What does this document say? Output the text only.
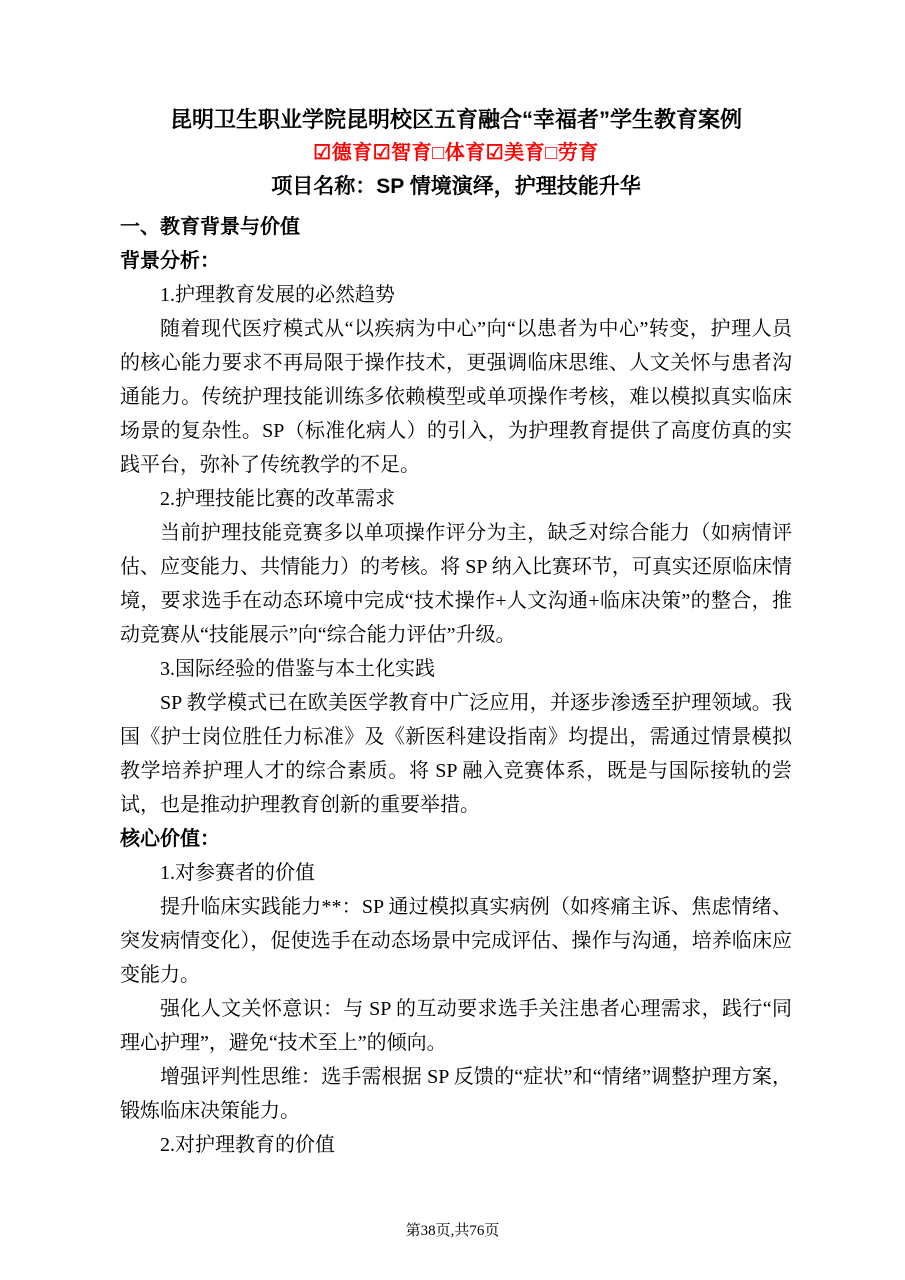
昆明卫生职业学院昆明校区五育融合“幸福者”学生教育案例
☑德育☑智育□体育☑美育□劳育
项目名称：SP 情境演绎，护理技能升华

一、教育背景与价值

背景分析：

1.护理教育发展的必然趋势

随着现代医疗模式从“以疾病为中心”向“以患者为中心”转变，护理人员的核心能力要求不再局限于操作技术，更强调临床思维、人文关怀与患者沟通能力。传统护理技能训练多依赖模型或单项操作考核，难以模拟真实临床场景的复杂性。SP（标准化病人）的引入，为护理教育提供了高度仿真的实践平台，弥补了传统教学的不足。

2.护理技能比赛的改革需求

当前护理技能竞赛多以单项操作评分为主，缺乏对综合能力（如病情评估、应变能力、共情能力）的考核。将 SP 纳入比赛环节，可真实还原临床情境，要求选手在动态环境中完成“技术操作+人文沟通+临床决策”的整合，推动竞赛从“技能展示”向“综合能力评估”升级。

3.国际经验的借鉴与本土化实践

SP 教学模式已在欧美医学教育中广泛应用，并逐步渗透至护理领域。我国《护士岗位胜任力标准》及《新医科建设指南》均提出，需通过情景模拟教学培养护理人才的综合素质。将 SP 融入竞赛体系，既是与国际接轨的尝试，也是推动护理教育创新的重要举措。

核心价值：

1.对参赛者的价值

提升临床实践能力**：SP 通过模拟真实病例（如疼痛主诉、焦虑情绪、突发病情变化），促使选手在动态场景中完成评估、操作与沟通，培养临床应变能力。

强化人文关怀意识：与 SP 的互动要求选手关注患者心理需求，践行“同理心护理”，避免“技术至上”的倾向。

增强评判性思维：选手需根据 SP 反馈的“症状”和“情绪”调整护理方案，锻炼临床决策能力。

2.对护理教育的价值

第38页,共76页
